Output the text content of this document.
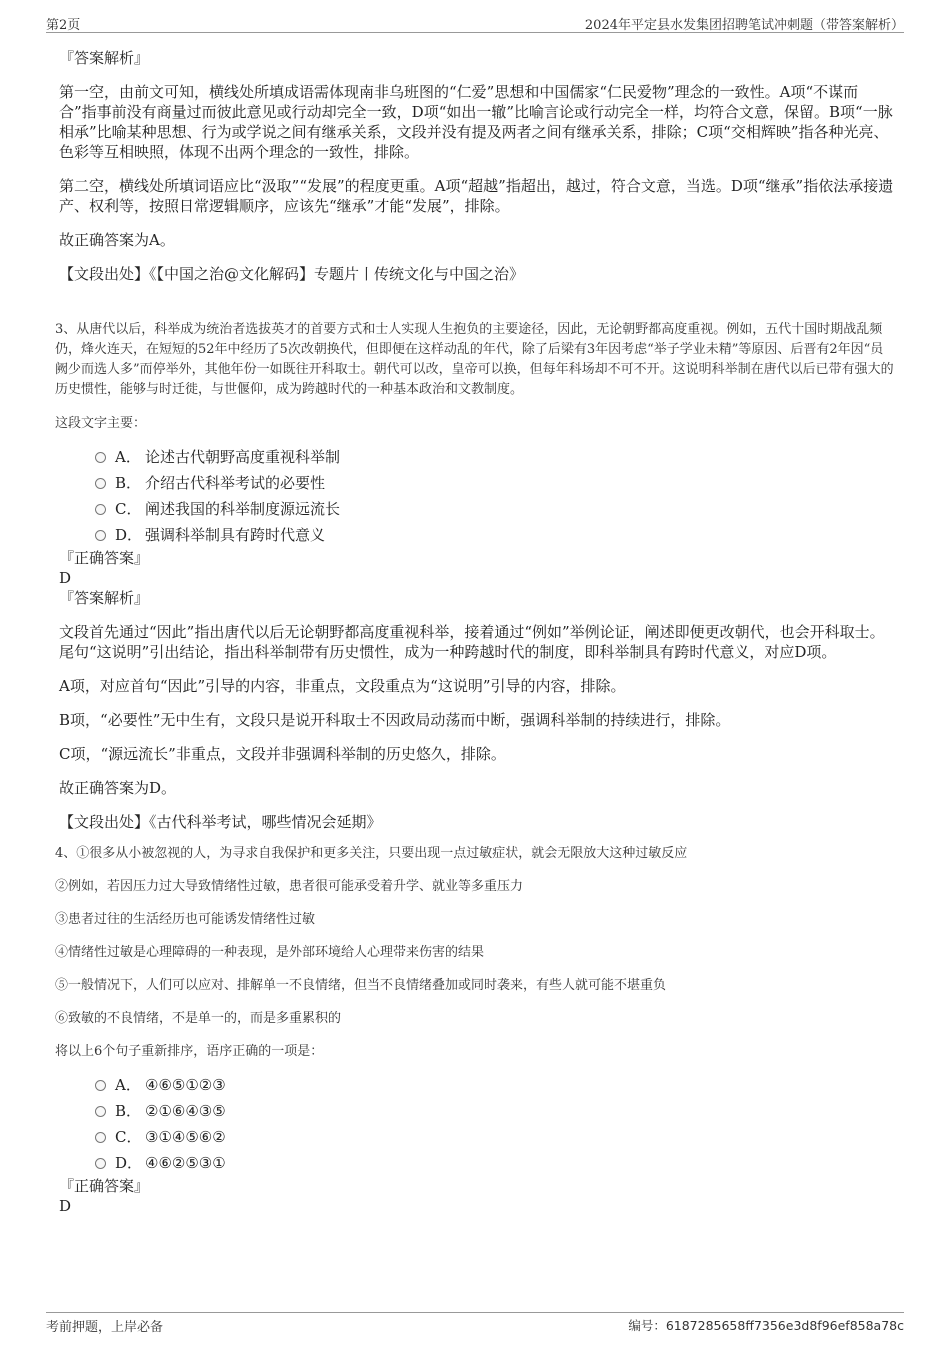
第2页	2024年平定县水发集团招聘笔试冲刺题（带答案解析）
『答案解析』

第一空，由前文可知，横线处所填成语需体现南非乌班图的“仁爱”思想和中国儒家“仁民爱物”理念的一致性。A项“不谋而合”指事前没有商量过而彼此意见或行动却完全一致，D项“如出一辙”比喻言论或行动完全一样，均符合文意，保留。B项“一脉相承”比喻某种思想、行为或学说之间有继承关系，文段并没有提及两者之间有继承关系，排除；C项“交相辉映”指各种光亮、色彩等互相映照，体现不出两个理念的一致性，排除。

第二空，横线处所填词语应比“汲取”“发展”的程度更重。A项“超越”指超出，越过，符合文意，当选。D项“继承”指依法承接遗产、权利等，按照日常逻辑顺序，应该先“继承”才能“发展”，排除。

故正确答案为A。

【文段出处】《【中国之治@文化解码】专题片丨传统文化与中国之治》

3、从唐代以后，科举成为统治者选拔英才的首要方式和士人实现人生抱负的主要途径，因此，无论朝野都高度重视。例如，五代十国时期战乱频仍，烽火连天，在短短的52年中经历了5次改朝换代，但即便在这样动乱的年代，除了后梁有3年因考虑“举子学业未精”等原因、后晋有2年因“员阙少而选人多”而停举外，其他年份一如既往开科取士。朝代可以改，皇帝可以换，但每年科场却不可不开。这说明科举制在唐代以后已带有强大的历史惯性，能够与时迁徙，与世偃仰，成为跨越时代的一种基本政治和文教制度。

这段文字主要：

A． 论述古代朝野高度重视科举制
B． 介绍古代科举考试的必要性
C． 阐述我国的科举制度源远流长
D． 强调科举制具有跨时代意义
『正确答案』
D
『答案解析』

文段首先通过“因此”指出唐代以后无论朝野都高度重视科举，接着通过“例如”举例论证，阐述即便更改朝代，也会开科取士。尾句“这说明”引出结论，指出科举制带有历史惯性，成为一种跨越时代的制度，即科举制具有跨时代意义，对应D项。

A项，对应首句“因此”引导的内容，非重点，文段重点为“这说明”引导的内容，排除。

B项，“必要性”无中生有，文段只是说开科取士不因政局动荡而中断，强调科举制的持续进行，排除。

C项，“源远流长”非重点，文段并非强调科举制的历史悠久，排除。

故正确答案为D。

【文段出处】《古代科举考试，哪些情况会延期》

4、①很多从小被忽视的人，为寻求自我保护和更多关注，只要出现一点过敏症状，就会无限放大这种过敏反应
②例如，若因压力过大导致情绪性过敏，患者很可能承受着升学、就业等多重压力
③患者过往的生活经历也可能诱发情绪性过敏
④情绪性过敏是心理障碍的一种表现，是外部环境给人心理带来伤害的结果
⑤一般情况下，人们可以应对、排解单一不良情绪，但当不良情绪叠加或同时袭来，有些人就可能不堪重负
⑥致敏的不良情绪，不是单一的，而是多重累积的
将以上6个句子重新排序，语序正确的一项是：
A． ④⑥⑤①②③
B． ②①⑥④③⑤
C． ③①④⑤⑥②
D． ④⑥②⑤③①
『正确答案』
D
考前押题，上岸必备	编号：6187285658ff7356e3d8f96ef858a78c
